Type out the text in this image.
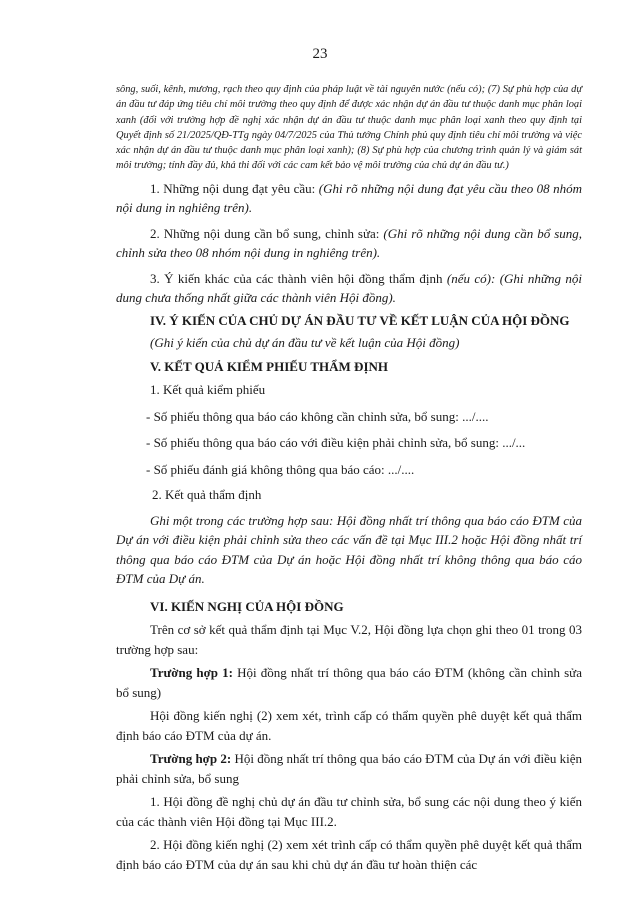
23

sông, suối, kênh, mương, rạch theo quy định của pháp luật về tài nguyên nước (nếu có); (7) Sự phù hợp của dự án đầu tư đáp ứng tiêu chí môi trường theo quy định để được xác nhận dự án đầu tư thuộc danh mục phân loại xanh (đối với trường hợp đề nghị xác nhận dự án đầu tư thuộc danh mục phân loại xanh theo quy định tại Quyết định số 21/2025/QĐ-TTg ngày 04/7/2025 của Thủ tướng Chính phủ quy định tiêu chí môi trường và việc xác nhận dự án đầu tư thuộc danh mục phân loại xanh); (8) Sự phù hợp của chương trình quản lý và giám sát môi trường; tính đầy đủ, khả thi đối với các cam kết bảo vệ môi trường của chủ dự án đầu tư.)

1. Những nội dung đạt yêu cầu: (Ghi rõ những nội dung đạt yêu cầu theo 08 nhóm nội dung in nghiêng trên).

2. Những nội dung cần bổ sung, chỉnh sửa: (Ghi rõ những nội dung cần bổ sung, chỉnh sửa theo 08 nhóm nội dung in nghiêng trên).

3. Ý kiến khác của các thành viên hội đồng thẩm định (nếu có): (Ghi những nội dung chưa thống nhất giữa các thành viên Hội đồng).

IV. Ý KIẾN CỦA CHỦ DỰ ÁN ĐẦU TƯ VỀ KẾT LUẬN CỦA HỘI ĐỒNG

(Ghi ý kiến của chủ dự án đầu tư về kết luận của Hội đồng)

V. KẾT QUẢ KIỂM PHIẾU THẨM ĐỊNH

1. Kết quả kiểm phiếu

- Số phiếu thông qua báo cáo không cần chỉnh sửa, bổ sung: .../....

- Số phiếu thông qua báo cáo với điều kiện phải chỉnh sửa, bổ sung: .../...

- Số phiếu đánh giá không thông qua báo cáo: .../....

2. Kết quả thẩm định

Ghi một trong các trường hợp sau: Hội đồng nhất trí thông qua báo cáo ĐTM của Dự án với điều kiện phải chỉnh sửa theo các vấn đề tại Mục III.2 hoặc Hội đồng nhất trí thông qua báo cáo ĐTM của Dự án hoặc Hội đồng nhất trí không thông qua báo cáo ĐTM của Dự án.

VI. KIẾN NGHỊ CỦA HỘI ĐỒNG

Trên cơ sở kết quả thẩm định tại Mục V.2, Hội đồng lựa chọn ghi theo 01 trong 03 trường hợp sau:

Trường hợp 1: Hội đồng nhất trí thông qua báo cáo ĐTM (không cần chỉnh sửa bổ sung)

Hội đồng kiến nghị (2) xem xét, trình cấp có thẩm quyền phê duyệt kết quả thẩm định báo cáo ĐTM của dự án.

Trường hợp 2: Hội đồng nhất trí thông qua báo cáo ĐTM của Dự án với điều kiện phải chỉnh sửa, bổ sung

1. Hội đồng đề nghị chủ dự án đầu tư chỉnh sửa, bổ sung các nội dung theo ý kiến của các thành viên Hội đồng tại Mục III.2.

2. Hội đồng kiến nghị (2) xem xét trình cấp có thẩm quyền phê duyệt kết quả thẩm định báo cáo ĐTM của dự án sau khi chủ dự án đầu tư hoàn thiện các
